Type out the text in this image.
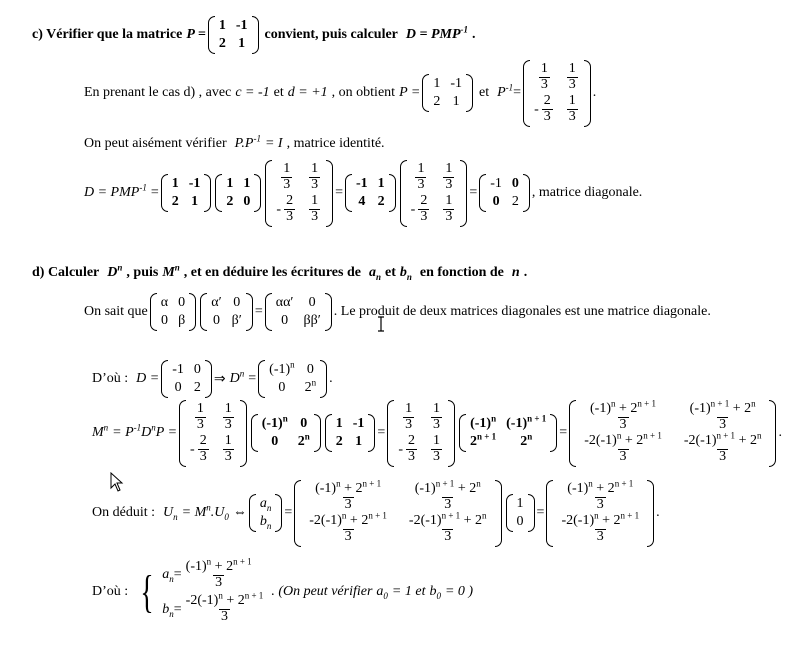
c) Vérifier que la matrice P =
1 -1
2 1
convient, puis calculer $D = PMP^{-1}$ .
En prenant le cas d) , avec c = -1 et d = +1 , on obtient P =
1 -1
2 1
et $P^{-1}$ =
$\frac{1}{3} \frac{1}{3}$
- $\frac{2}{3} \frac{1}{3}$
.
On peut aisément vérifier $P.P^{-1} = I$ , matrice identité.
$D = PMP^{-1}$ =
1 -1
2 1
1 1
2 0
$\frac{1}{3} \frac{1}{3}$
- $\frac{2}{3} \frac{1}{3}$
=
-1 1
4 2
$\frac{1}{3} \frac{1}{3}$
- $\frac{2}{3} \frac{1}{3}$
=
-1 0
0 2
, matrice diagonale.
d) Calculer $D^n$ , puis $M^n$ , et en déduire les écritures de $a_n$ et $b_n$ en fonction de n .
On sait que
α 0
0 β
α′ 0
0 β′
=
αα′ 0
0 ββ′
. Le produit de deux matrices diagonales est une matrice diagonale.
D’où : D =
-1 0
0 2
⇒ $D^n$ =
$(-1)^n$ 0
0 2$^n$ .
$M^n = P^{-1}$ $D^n$ P =
$\frac{1}{3} \frac{1}{3}$
- $\frac{2}{3} \frac{1}{3}$
$(-1)^n$ 0
0 2$^n$
1 -1
2 1
=
$\frac{1}{3} \frac{1}{3}$
- $\frac{2}{3} \frac{1}{3}$
$(-1)^n$ $(-1)^{n + 1}$
$2^{n + 1}$ $2^n$ =
$\frac{(-1)^n + 2^{n + 1}}{3} \frac{(-1)^{n + 1} + 2^n}{3}$
$\frac{-2(-1)^n + 2^{n + 1}}{3} \frac{-2(-1)^{n + 1} + 2^n}{3}$
.
On déduit : $U_n = M^n$ $.U_0$ ⇔
$a_n$
$b_n$
=
$\frac{(-1)^n + 2^{n + 1}}{3} \frac{(-1)^{n + 1} + 2^n}{3}$
$\frac{-2(-1)^n + 2^{n + 1}}{3} \frac{-2(-1)^{n + 1} + 2^n}{3}$
1
0
=
$\frac{(-1)^n + 2^{n + 1}}{3}$
$\frac{-2(-1)^n + 2^{n + 1}}{3}$
.
D’où : { $a_n = \frac{(-1)^n + 2^{n + 1}}{3}$
$b_n = \frac{-2(-1)^n + 2^{n + 1}}{3}$
. (On peut vérifier $a_0 = 1$ et $b_0 = 0$ )
